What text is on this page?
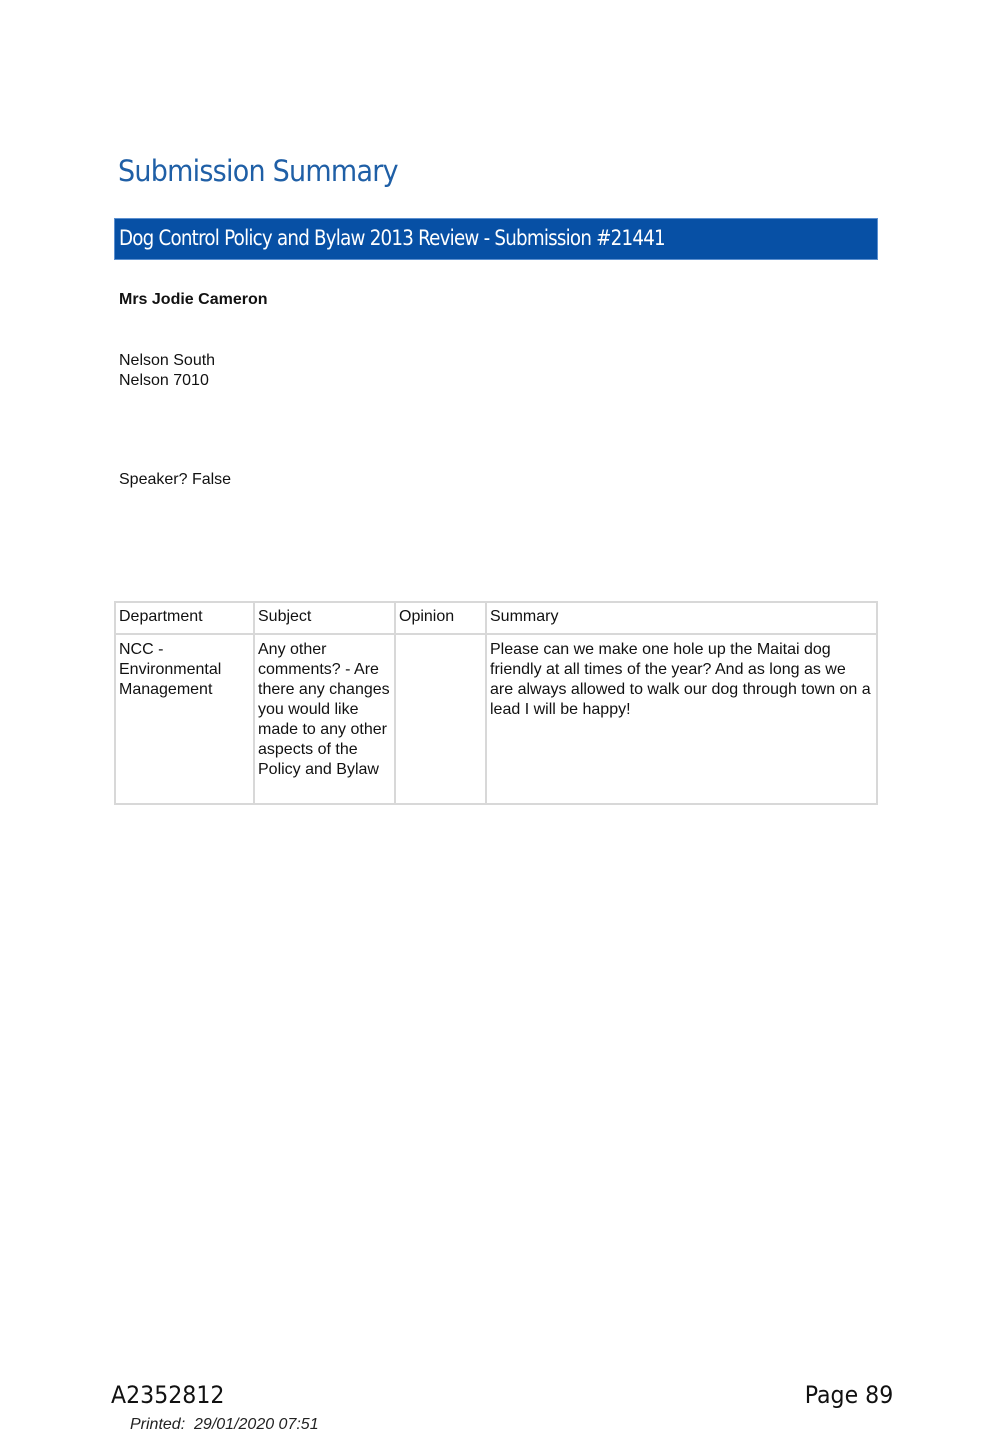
Submission Summary
Dog Control Policy and Bylaw 2013 Review - Submission #21441
Mrs Jodie Cameron
Nelson South
Nelson 7010
Speaker? False
Department	Subject	Opinion	Summary
NCC - Environmental Management	Any other comments? - Are there any changes you would like made to any other aspects of the Policy and Bylaw		Please can we make one hole up the Maitai dog friendly at all times of the year? And as long as we are always allowed to walk our dog through town on a lead I will be happy!
A2352812	Page 89
Printed:  29/01/2020 07:51
